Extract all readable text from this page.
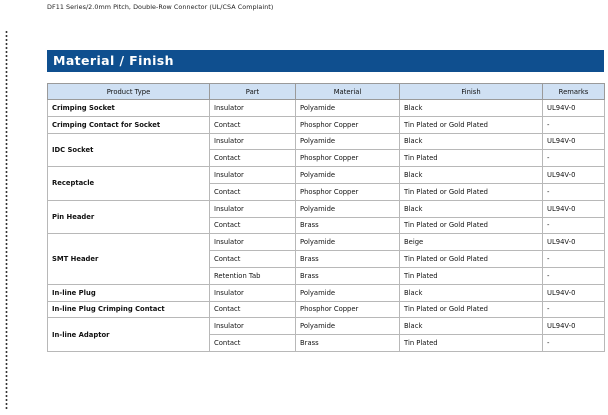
DF11 Series/2.0mm Pitch, Double-Row Connector (UL/CSA Complaint)
Material / Finish
Product Type	Part	Material	Finish	Remarks
Crimping Socket	Insulator	Polyamide	Black	UL94V-0
Crimping Contact for Socket	Contact	Phosphor Copper	Tin Plated or Gold Plated	-
IDC Socket	Insulator	Polyamide	Black	UL94V-0
	Contact	Phosphor Copper	Tin Plated	-
Receptacle	Insulator	Polyamide	Black	UL94V-0
	Contact	Phosphor Copper	Tin Plated or Gold Plated	-
Pin Header	Insulator	Polyamide	Black	UL94V-0
	Contact	Brass	Tin Plated or Gold Plated	-
SMT Header	Insulator	Polyamide	Beige	UL94V-0
	Contact	Brass	Tin Plated or Gold Plated	-
	Retention Tab	Brass	Tin Plated	-
In-line Plug	Insulator	Polyamide	Black	UL94V-0
In-line Plug Crimping Contact	Contact	Phosphor Copper	Tin Plated or Gold Plated	-
In-line Adaptor	Insulator	Polyamide	Black	UL94V-0
	Contact	Brass	Tin Plated	-
